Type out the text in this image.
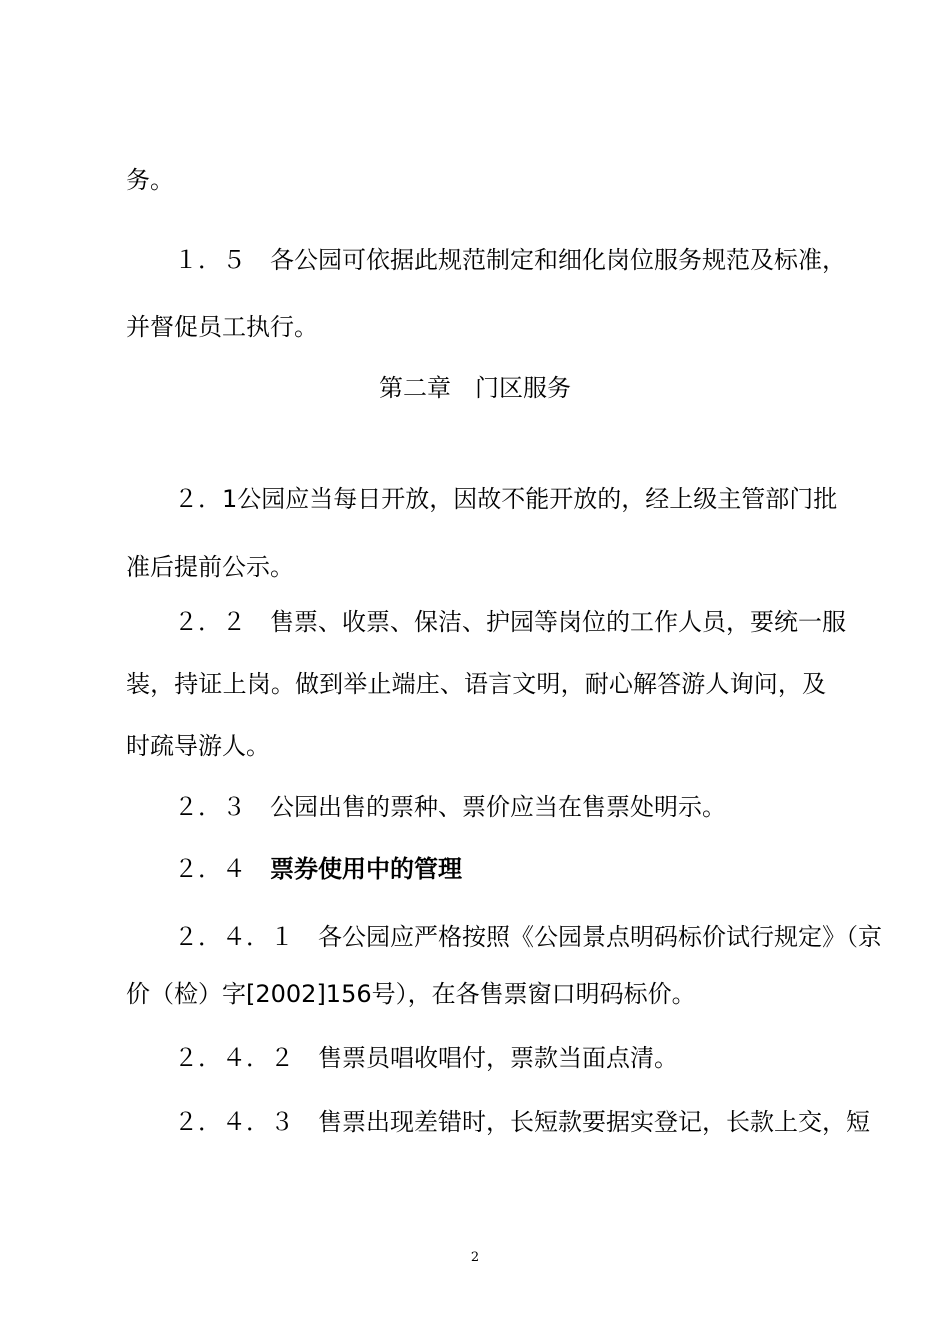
务。
１．５　各公园可依据此规范制定和细化岗位服务规范及标准，
并督促员工执行。
第二章　门区服务
２．1公园应当每日开放，因故不能开放的，经上级主管部门批
准后提前公示。
２．２　售票、收票、保洁、护园等岗位的工作人员，要统一服
装，持证上岗。做到举止端庄、语言文明，耐心解答游人询问，及
时疏导游人。
２．３　公园出售的票种、票价应当在售票处明示。
２．４ 票券使用中的管理
２．４．１　各公园应严格按照《公园景点明码标价试行规定》（京
价（检）字[2002]156号），在各售票窗口明码标价。
２．４．２　售票员唱收唱付，票款当面点清。
２．４．３　售票出现差错时，长短款要据实登记，长款上交，短
2
